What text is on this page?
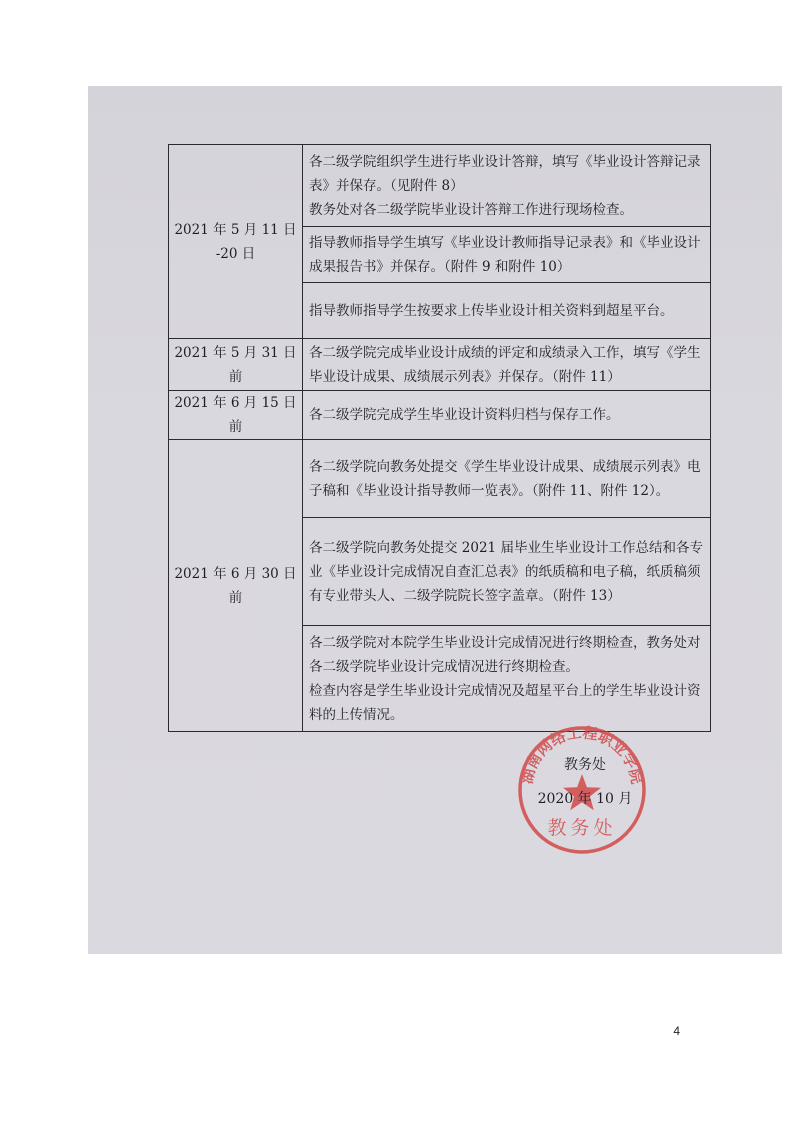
2021 年 5 月 11 日
-20 日	各二级学院组织学生进行毕业设计答辩，填写《毕业设计答辩记录表》并保存。（见附件 8）
教务处对各二级学院毕业设计答辩工作进行现场检查。

	指导教师指导学生填写《毕业设计教师指导记录表》和《毕业设计成果报告书》并保存。（附件 9 和附件 10）

	指导教师指导学生按要求上传毕业设计相关资料到超星平台。

2021 年 5 月 31 日
前	各二级学院完成毕业设计成绩的评定和成绩录入工作，填写《学生毕业设计成果、成绩展示列表》并保存。（附件 11）

2021 年 6 月 15 日
前	各二级学院完成学生毕业设计资料归档与保存工作。

2021 年 6 月 30 日
前	各二级学院向教务处提交《学生毕业设计成果、成绩展示列表》电子稿和《毕业设计指导教师一览表》。（附件 11、附件 12）。

	各二级学院向教务处提交 2021 届毕业生毕业设计工作总结和各专业《毕业设计完成情况自查汇总表》的纸质稿和电子稿，纸质稿须有专业带头人、二级学院院长签字盖章。（附件 13）

	各二级学院对本院学生毕业设计完成情况进行终期检查，教务处对各二级学院毕业设计完成情况进行终期检查。
检查内容是学生毕业设计完成情况及超星平台上的学生毕业设计资料的上传情况。
湖南网络工程职业学院
教务处
教务处
2020 年 10 月
4
